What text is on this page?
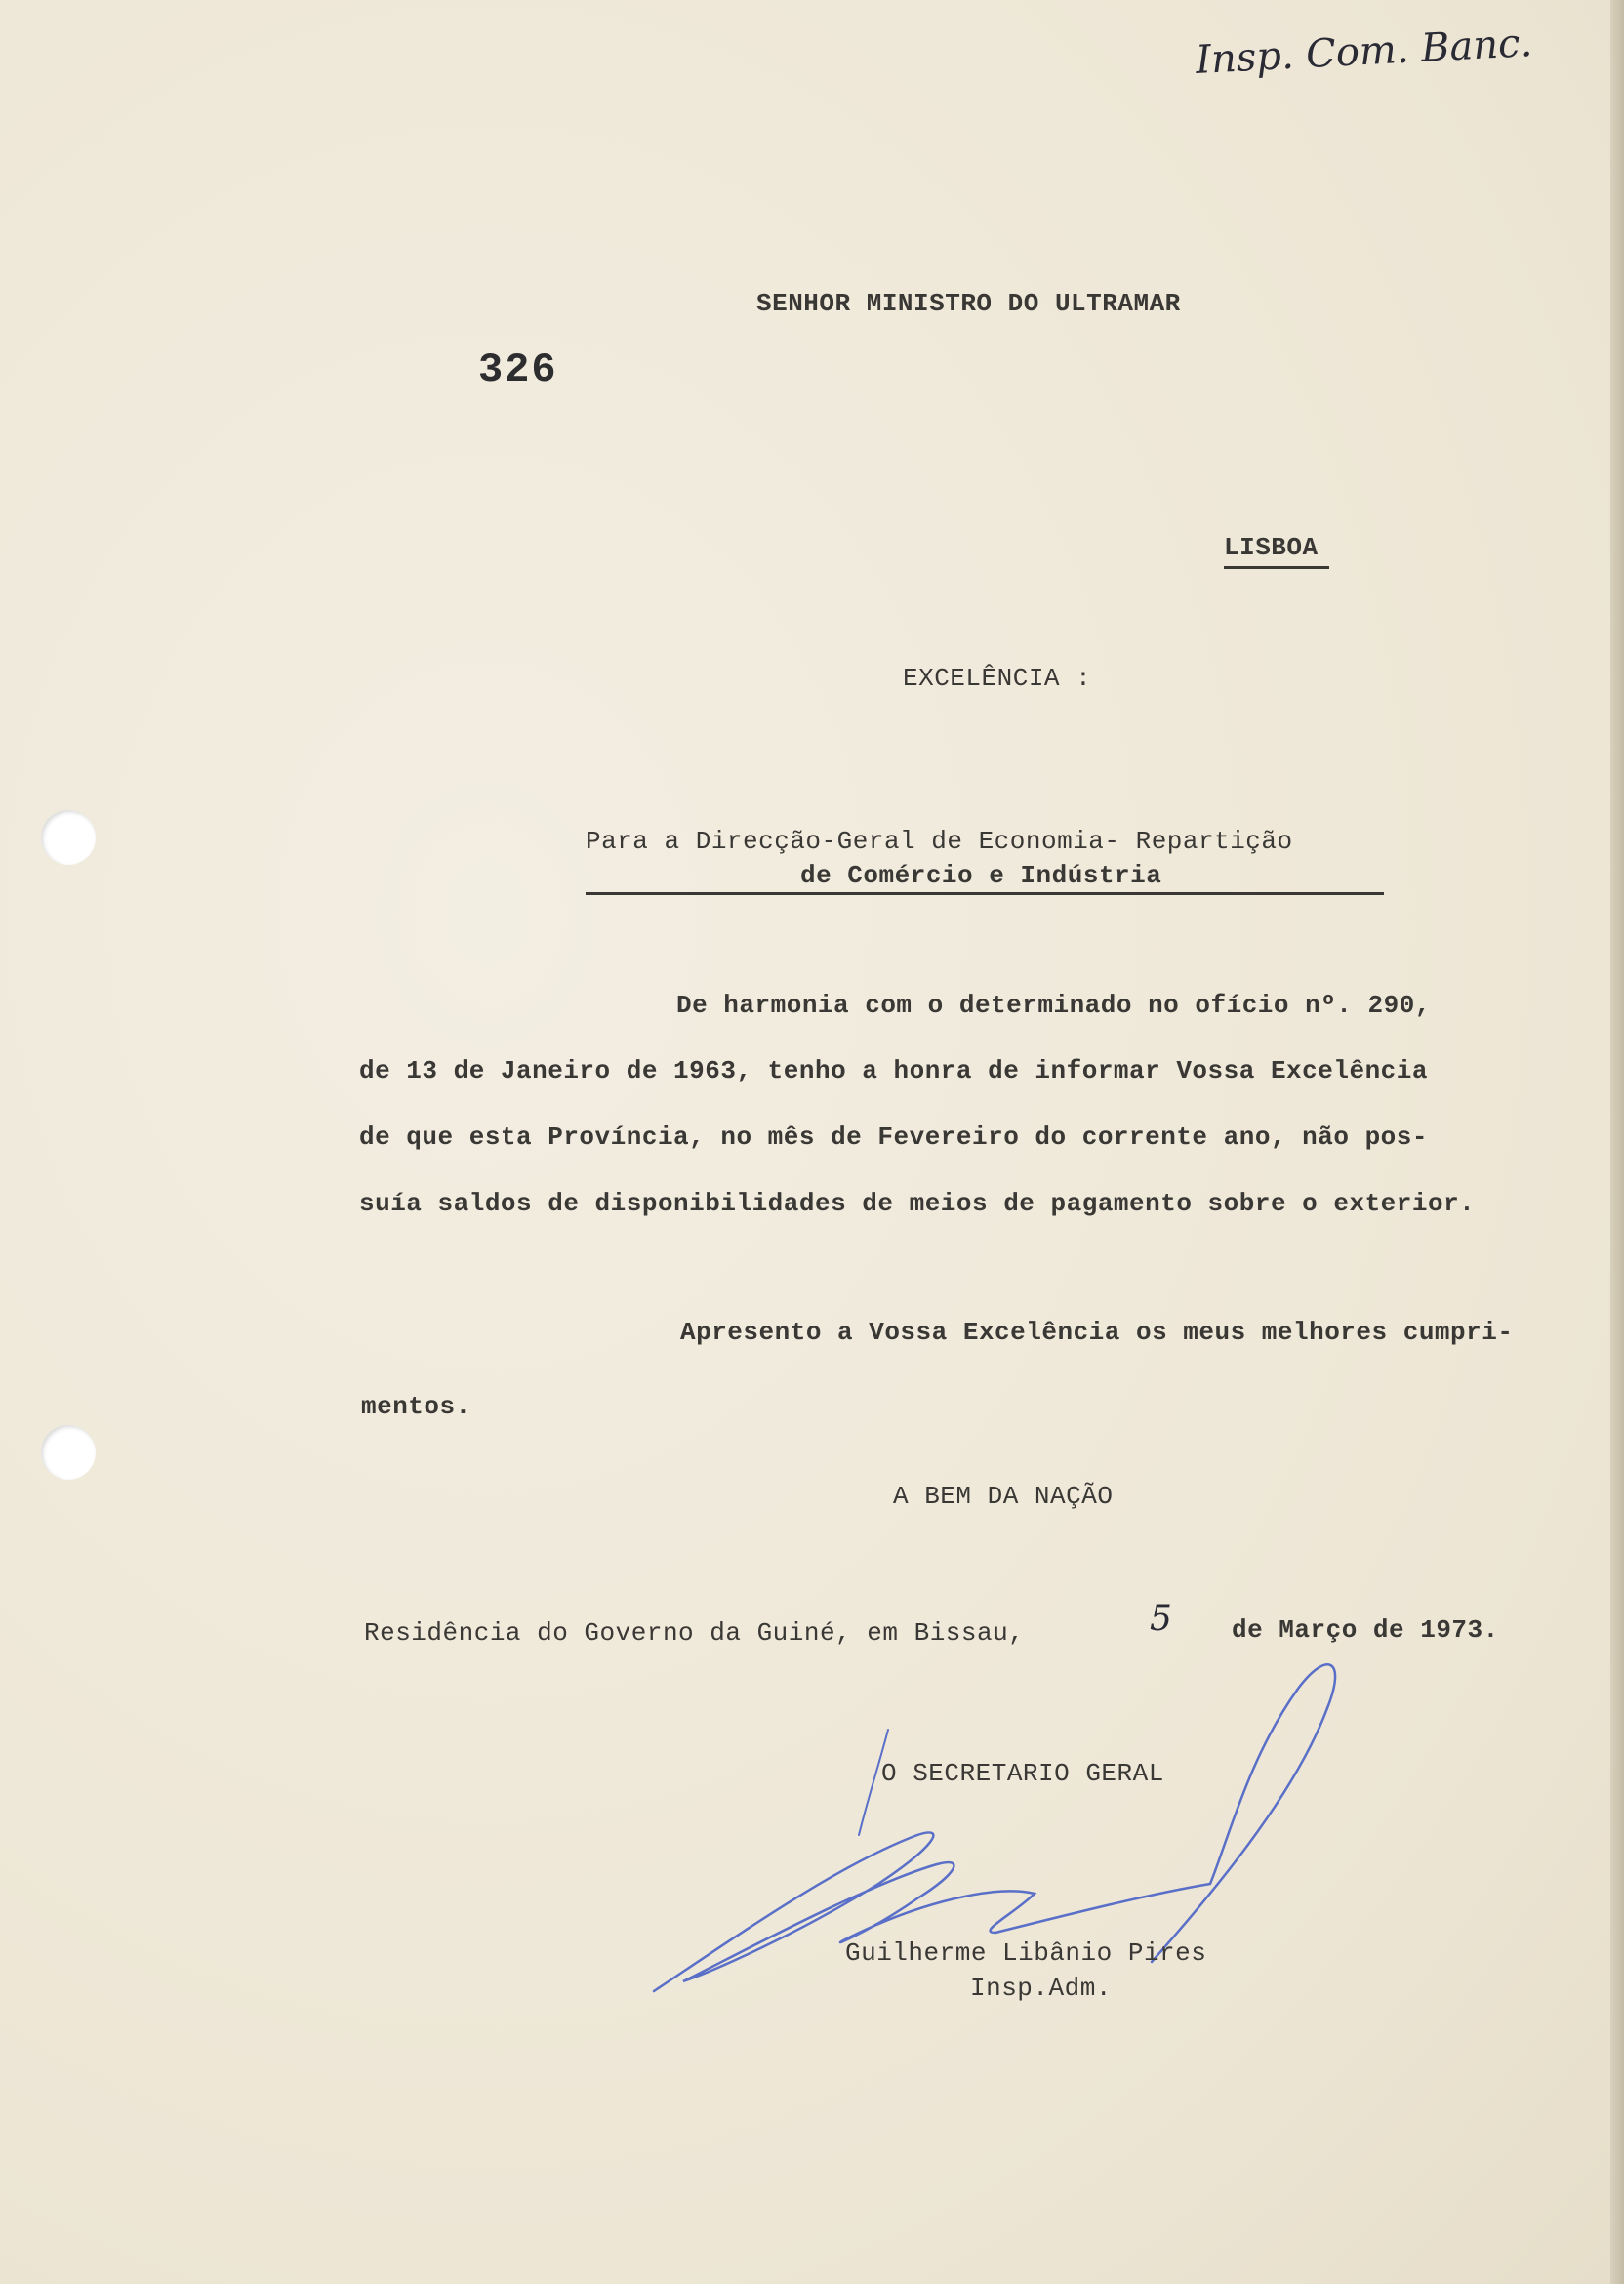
Insp. Com. Banc.
SENHOR MINISTRO DO ULTRAMAR
326
LISBOA
EXCELÊNCIA :
Para a Direcção-Geral de Economia- Repartição
de Comércio e Indústria
De harmonia com o determinado no ofício nº. 290,
de 13 de Janeiro de 1963, tenho a honra de informar Vossa Excelência
de que esta Província, no mês de Fevereiro do corrente ano, não pos-
suía saldos de disponibilidades de meios de pagamento sobre o exterior.
Apresento a Vossa Excelência os meus melhores cumpri-
mentos.
A BEM DA NAÇÃO
Residência do Governo da Guiné, em Bissau,	5 de Março de 1973.
O SECRETARIO GERAL
Guilherme Libânio Pires
Insp.Adm.
